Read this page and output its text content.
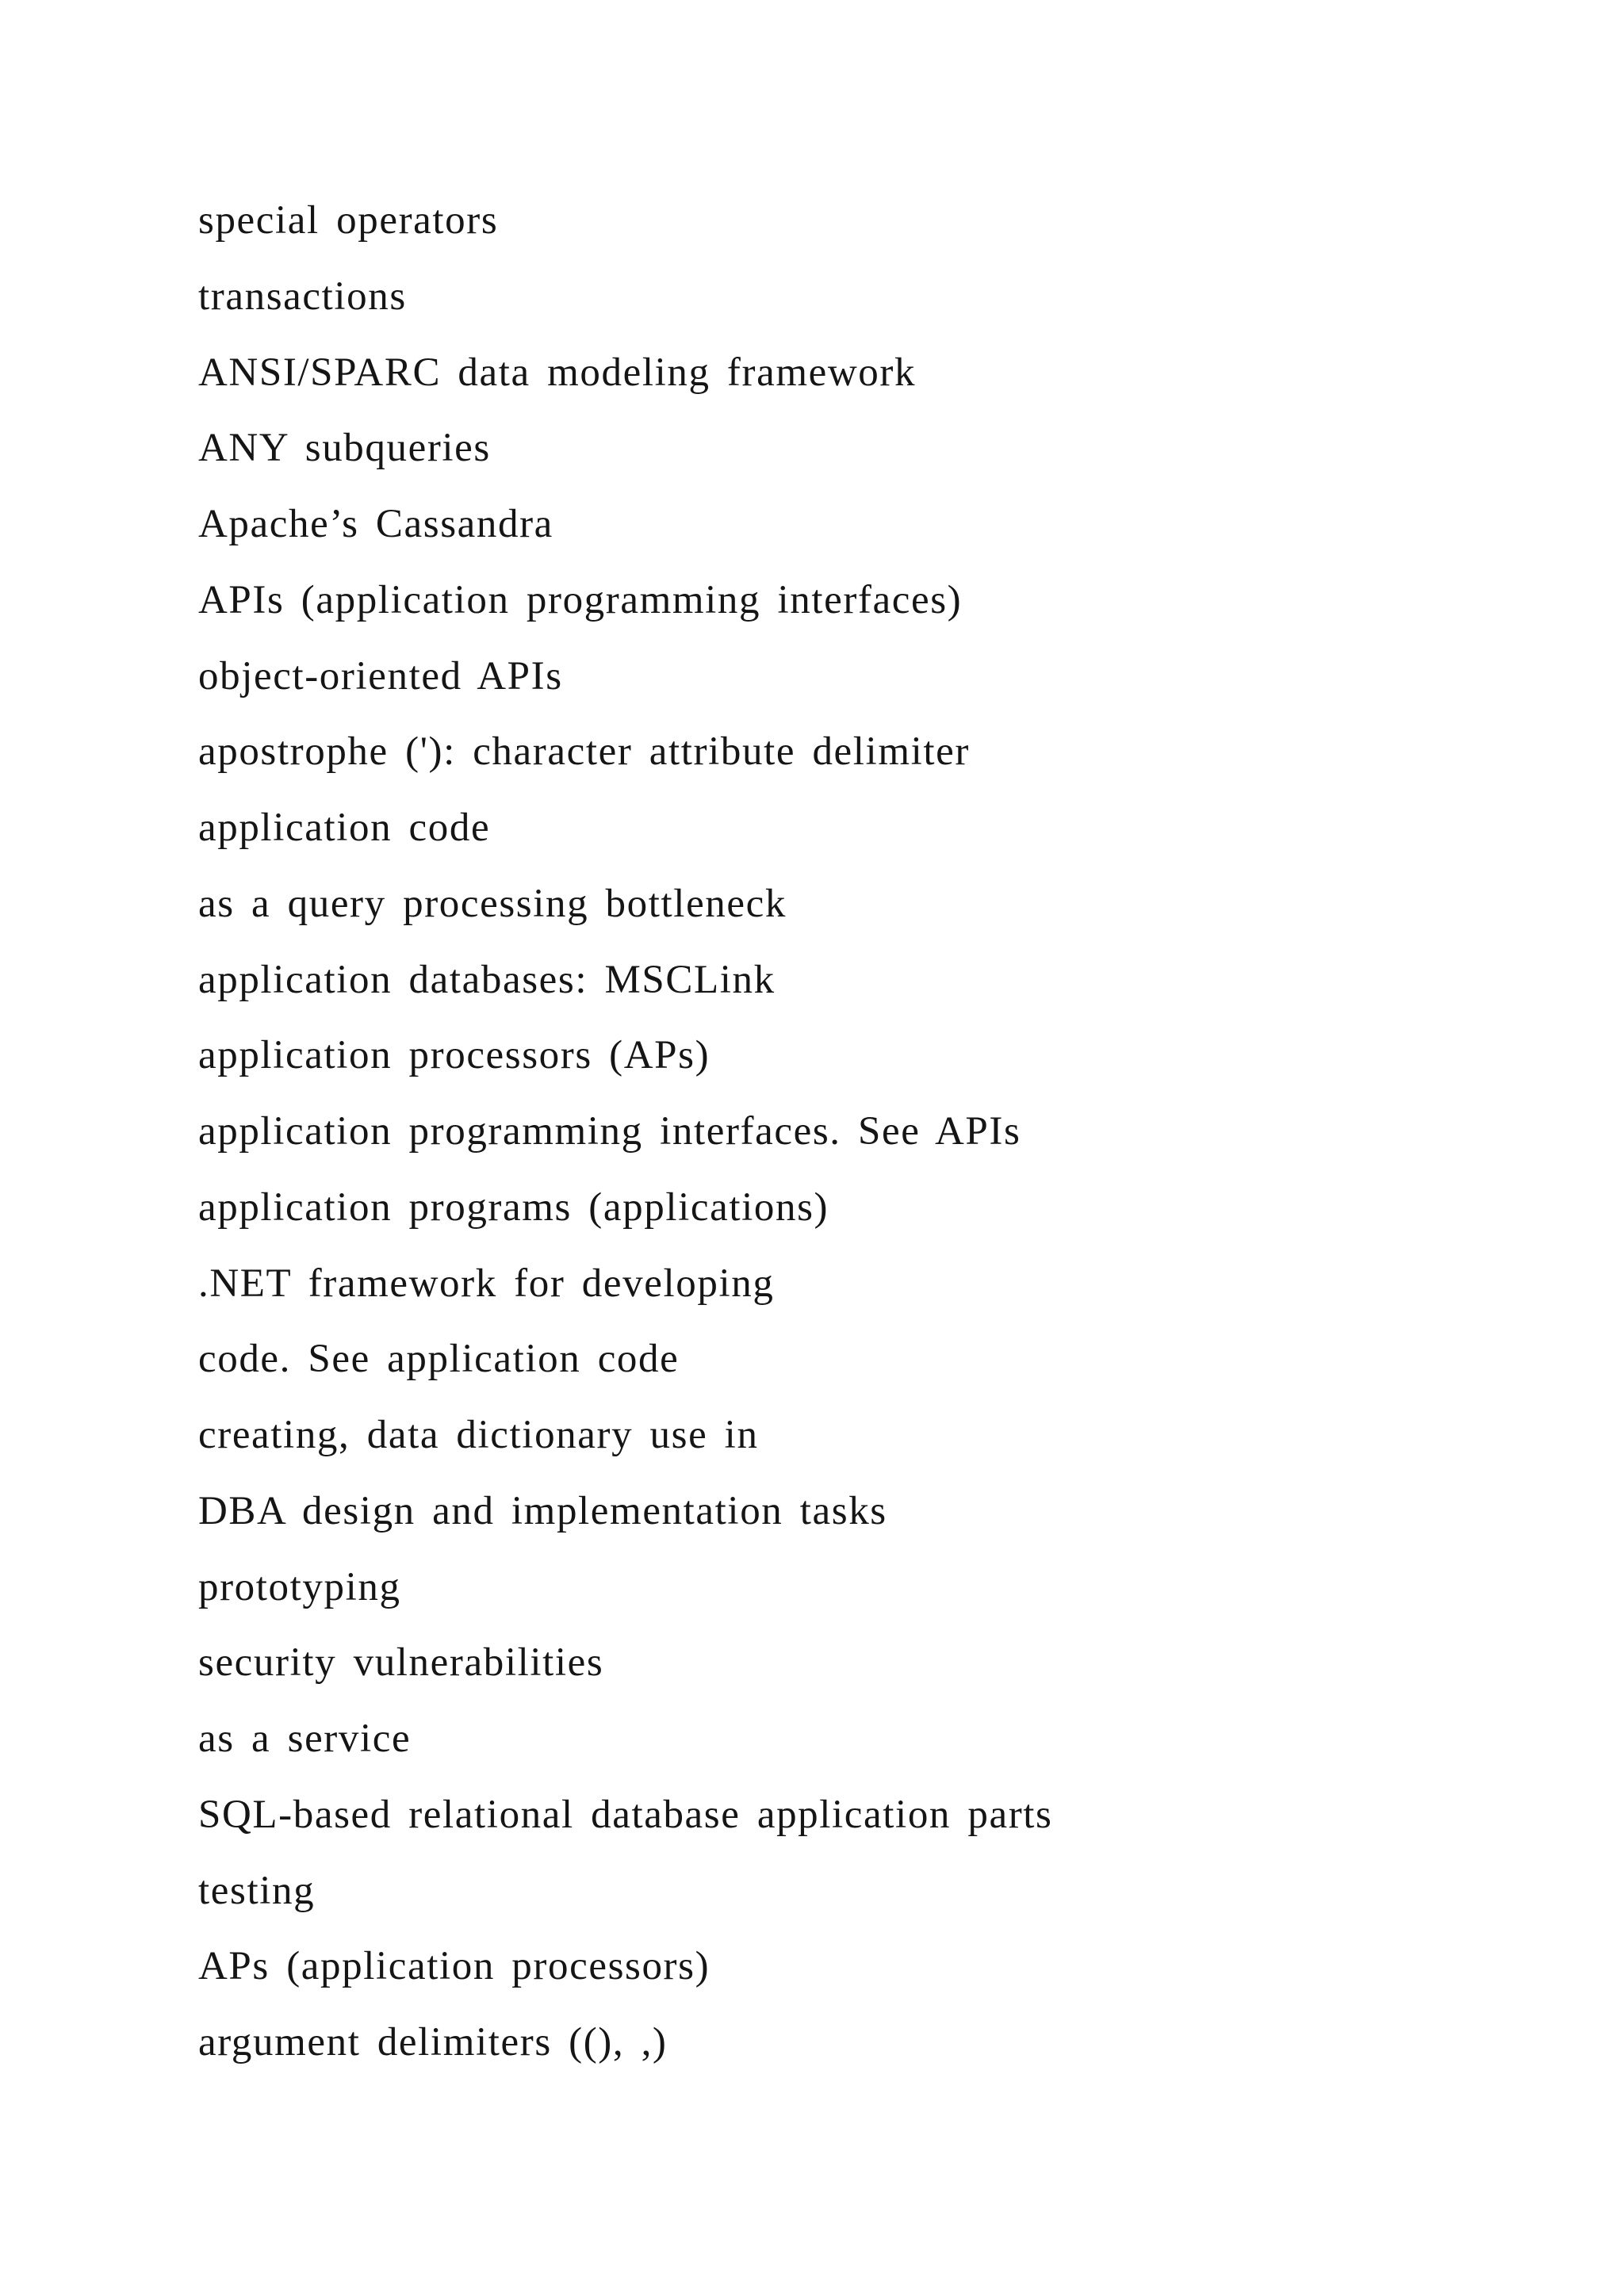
special operators
transactions
ANSI/SPARC data modeling framework
ANY subqueries
Apache’s Cassandra
APIs (application programming interfaces)
object-oriented APIs
apostrophe ('): character attribute delimiter
application code
as a query processing bottleneck
application databases: MSCLink
application processors (APs)
application programming interfaces. See APIs
application programs (applications)
.NET framework for developing
code. See application code
creating, data dictionary use in
DBA design and implementation tasks
prototyping
security vulnerabilities
as a service
SQL-based relational database application parts
testing
APs (application processors)
argument delimiters ((), ,)
